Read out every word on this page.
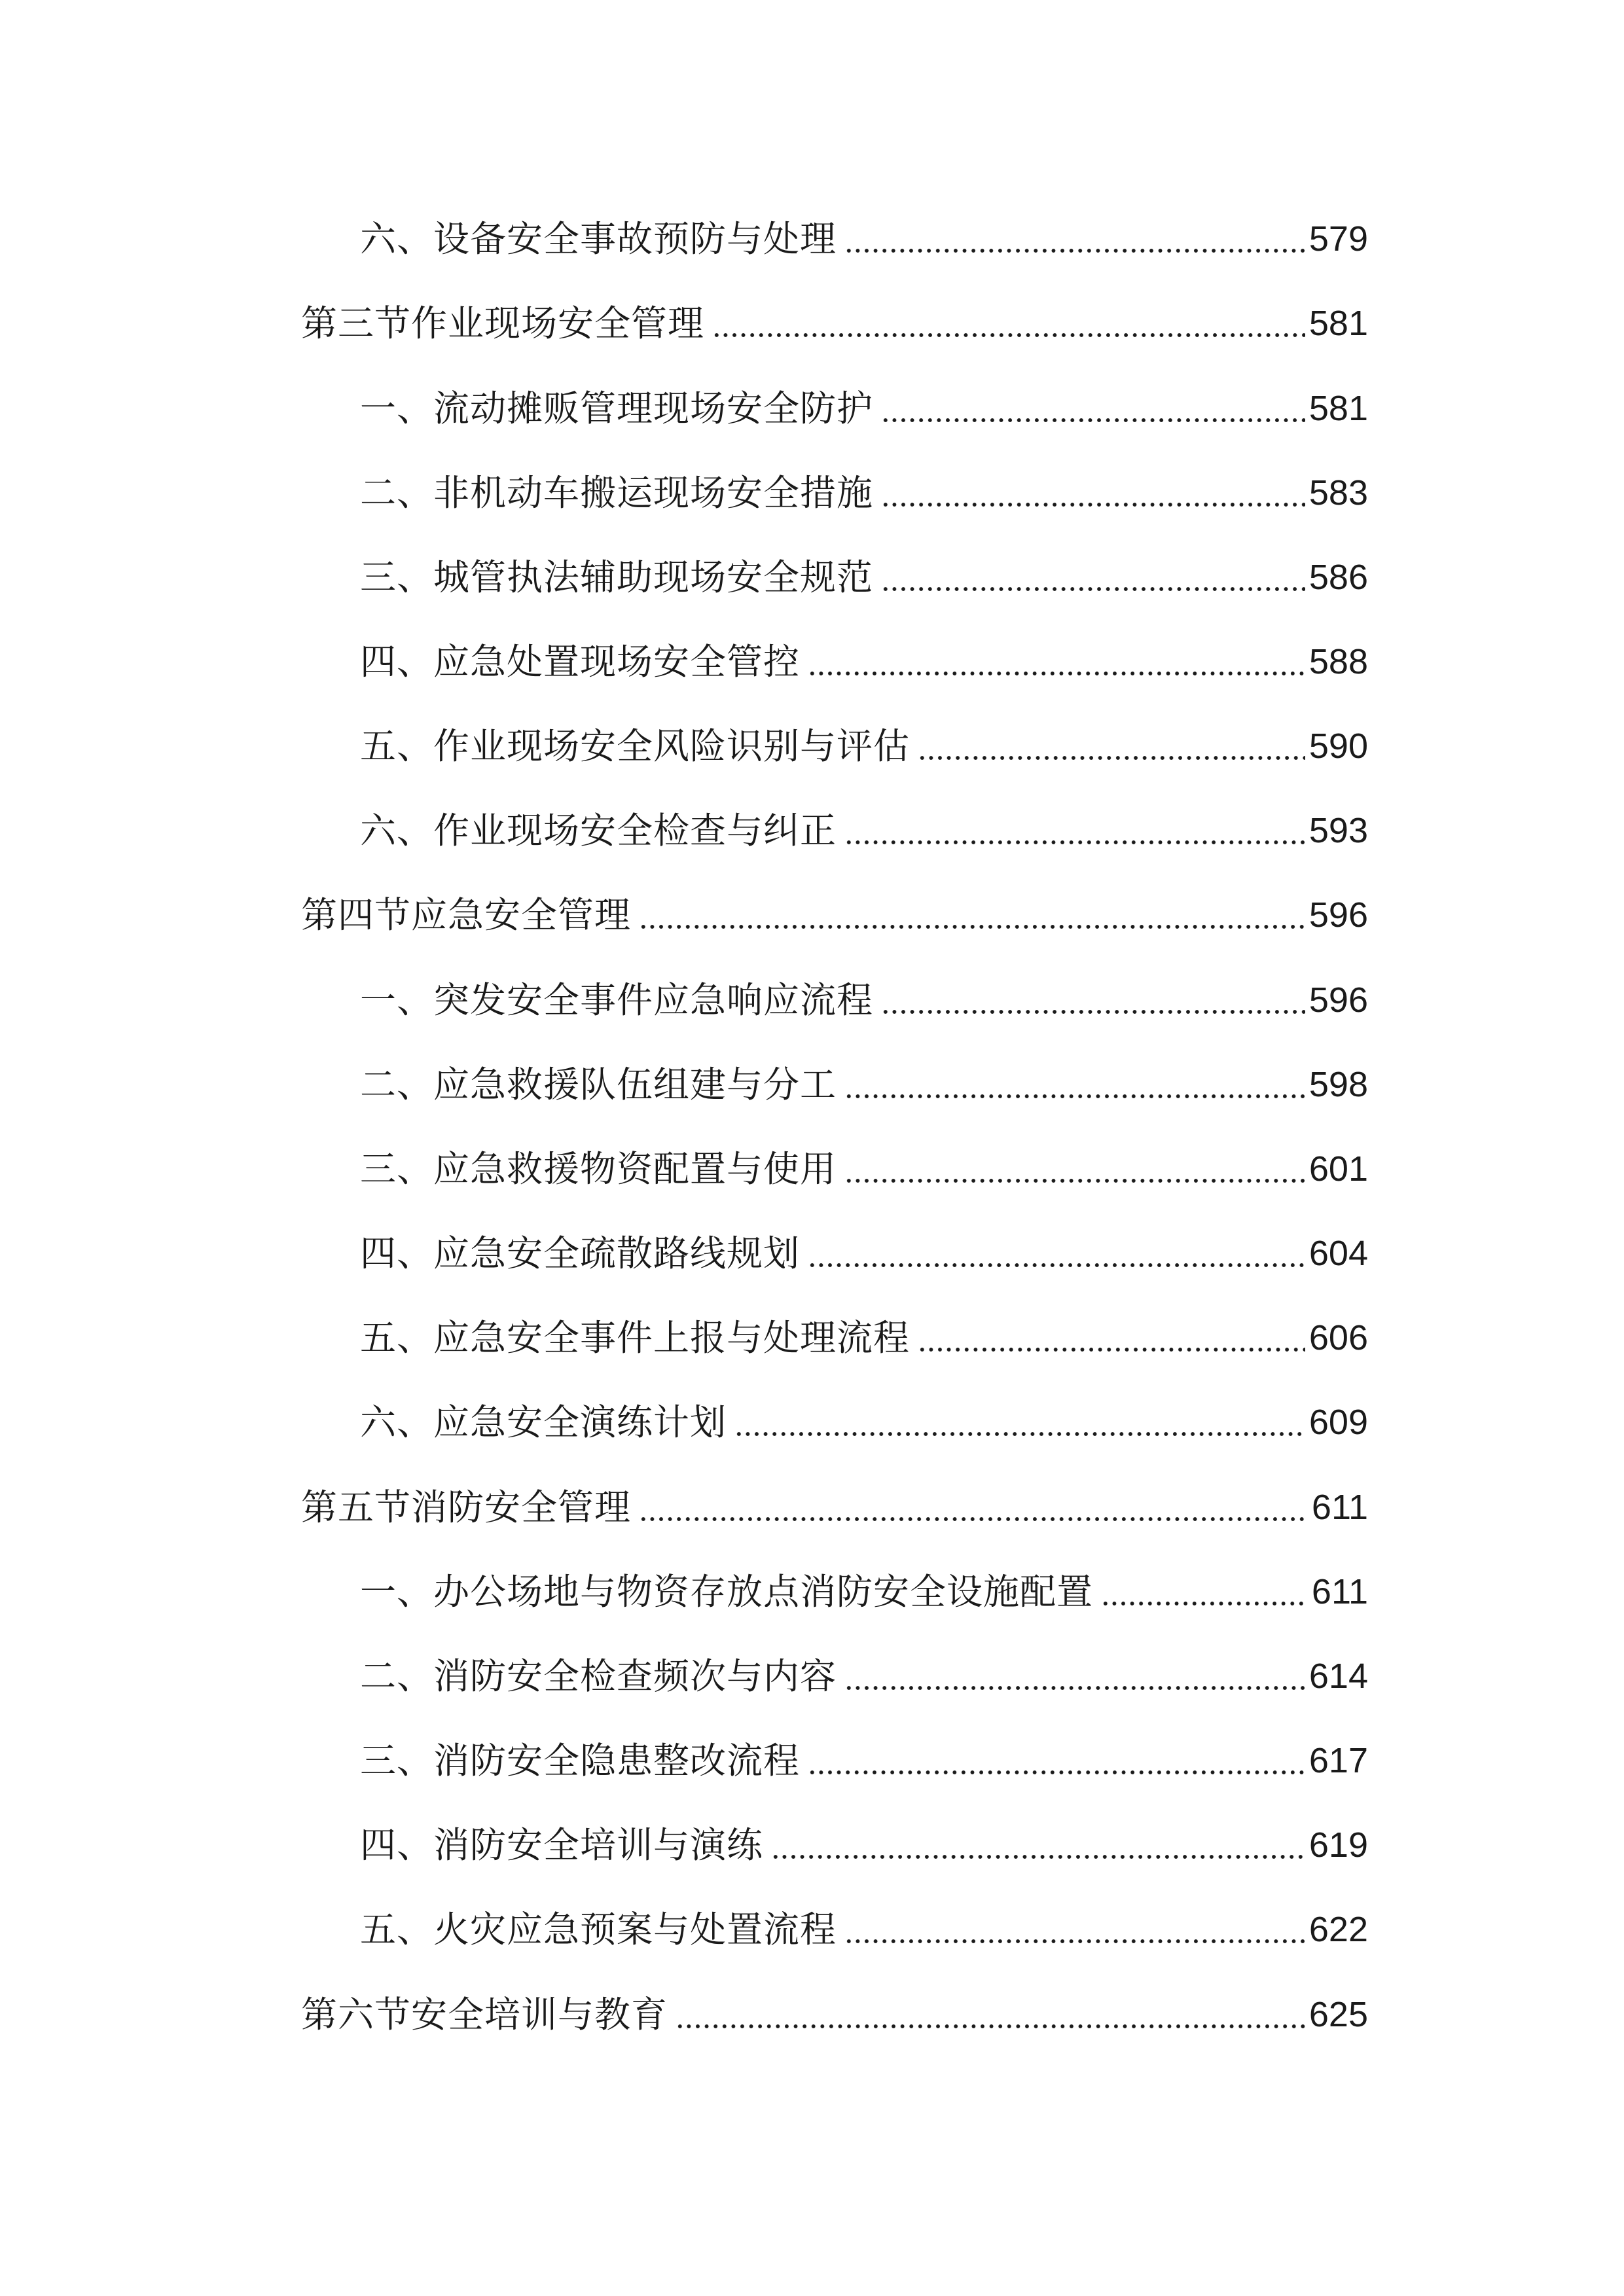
六、设备安全事故预防与处理	579
第三节作业现场安全管理	581
一、流动摊贩管理现场安全防护	581
二、非机动车搬运现场安全措施	583
三、城管执法辅助现场安全规范	586
四、应急处置现场安全管控	588
五、作业现场安全风险识别与评估	590
六、作业现场安全检查与纠正	593
第四节应急安全管理	596
一、突发安全事件应急响应流程	596
二、应急救援队伍组建与分工	598
三、应急救援物资配置与使用	601
四、应急安全疏散路线规划	604
五、应急安全事件上报与处理流程	606
六、应急安全演练计划	609
第五节消防安全管理	611
一、办公场地与物资存放点消防安全设施配置	611
二、消防安全检查频次与内容	614
三、消防安全隐患整改流程	617
四、消防安全培训与演练	619
五、火灾应急预案与处置流程	622
第六节安全培训与教育	625
